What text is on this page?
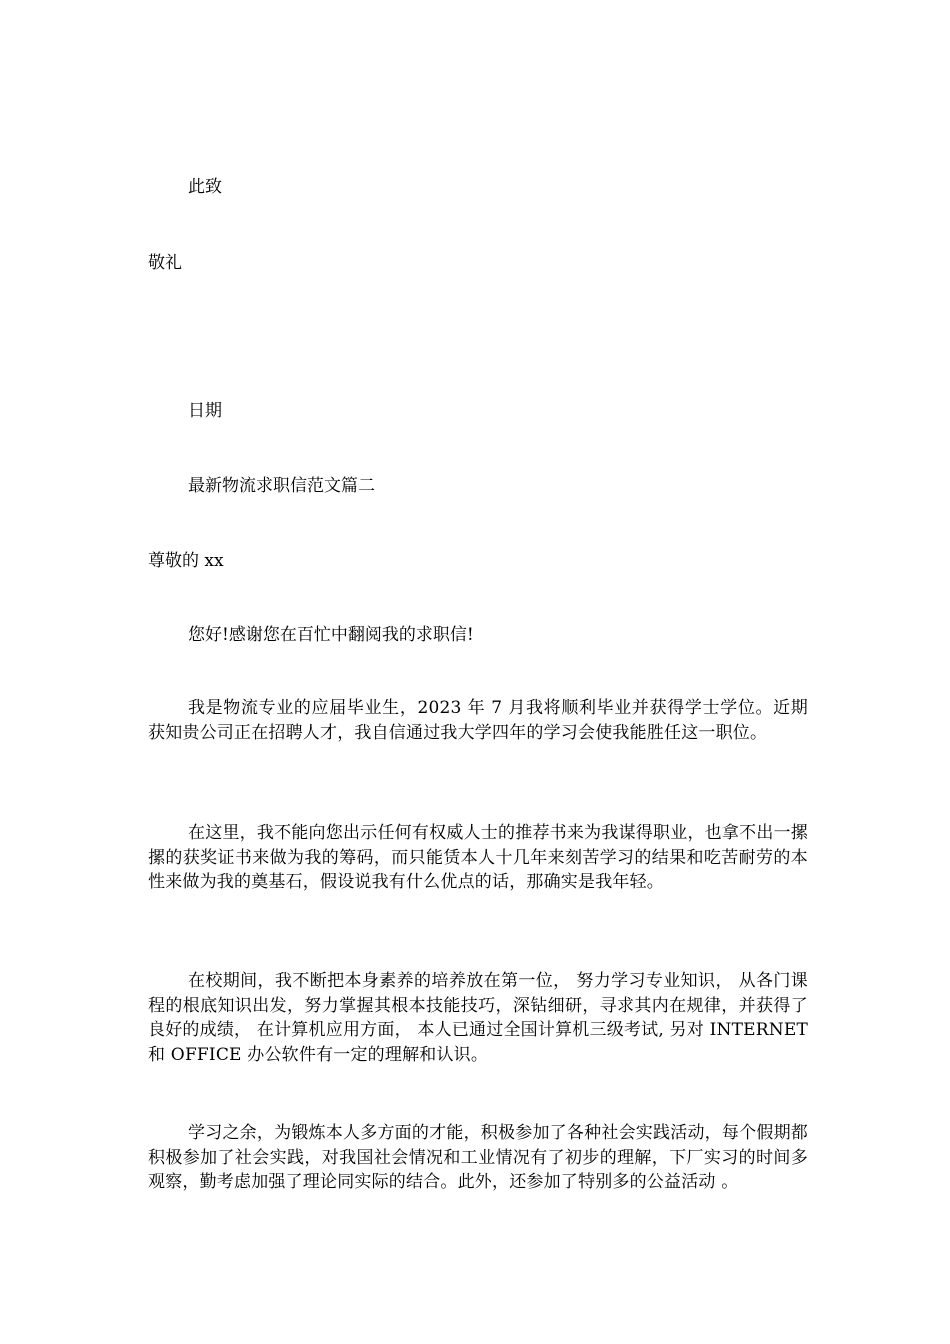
此致
敬礼
日期
最新物流求职信范文篇二
尊敬的 xx
您好!感谢您在百忙中翻阅我的求职信!

我是物流专业的应届毕业生，2023 年 7 月我将顺利毕业并获得学士学位。近期获知贵公司正在招聘人才，我自信通过我大学四年的学习会使我能胜任这一职位。

在这里，我不能向您出示任何有权威人士的推荐书来为我谋得职业，也拿不出一摞摞的获奖证书来做为我的筹码，而只能赁本人十几年来刻苦学习的结果和吃苦耐劳的本性来做为我的奠基石，假设说我有什么优点的话，那确实是我年轻。

在校期间，我不断把本身素养的培养放在第一位， 努力学习专业知识， 从各门课程的根底知识出发，努力掌握其根本技能技巧，深钻细研，寻求其内在规律，并获得了良好的成绩， 在计算机应用方面， 本人已通过全国计算机三级考试, 另对 INTERNET 和 OFFICE 办公软件有一定的理解和认识。

学习之余，为锻炼本人多方面的才能，积极参加了各种社会实践活动，每个假期都积极参加了社会实践，对我国社会情况和工业情况有了初步的理解，下厂实习的时间多观察，勤考虑加强了理论同实际的结合。此外，还参加了特别多的公益活动 。
